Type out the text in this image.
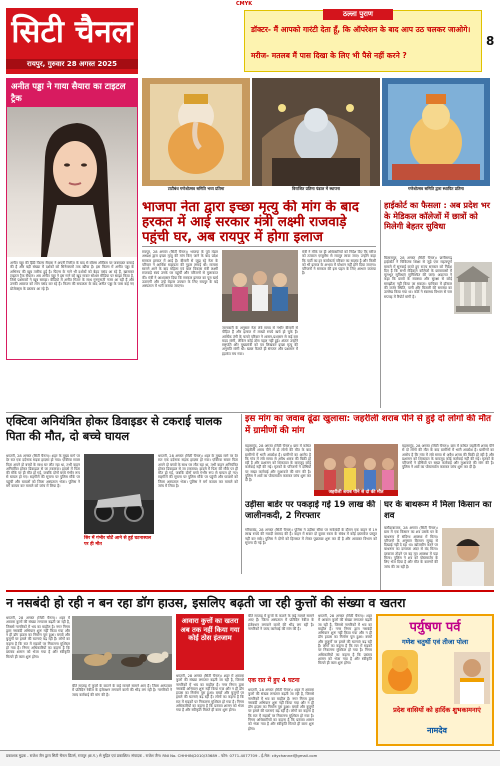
CMYK
सिटी चैनल
रायपुर, गुरुवार 28 अगस्त 2025
ठल्ला पुराण
डॉक्टर- मैं आपको गारंटी देता हूँ, कि ऑपरेशन के बाद आप उठ चलकर जाओगे।
मरीज- मतलब मैं पास दिखा के लिए भी पैसे नहीं करने ?
8
अनीत पड्डा ने गाया सैयारा का टाइटल ट्रैक
अनीत पड्डा की हिंदी फिल्म सैयारा ने अपनी रिलीज के बाद से बॉक्स ऑफिस पर जबरदस्त कमाई की है और बड़ी संख्या में दर्शकों को सिनेमाघरों तक खींचा है। इस फिल्म में अनीत पड्डा के अभिनय की खूब तारीफ हुई है। फिल्म के गाने भी दर्शकों को बेहद पसंद आ रहे हैं, खासकर टाइटल ट्रैक सैयारा। अब अनीत पड्डा ने इस गाने को खुद गाकर सोशल मीडिया पर साझा किया है, जिसे प्रशंसकों ने खूब सराहा। वीडियो में अनीत गिटार के साथ गुनगुनाती नजर आ रही हैं और उनकी आवाज को लोग पसंद कर रहे हैं। फिल्म की सफलता के बाद अनीत पड्डा के पास कई नए प्रोजेक्ट्स के प्रस्ताव आ रहे हैं।
टाटीबंध गणेशोत्सव समिति भव्य प्रतिमा	विराजित प्रतिमा पंडाल में स्थापना	गणेशोत्सव समिति द्वारा स्थापित प्रतिमा
भाजपा नेता द्वारा इच्छा मृत्यु की मांग के बाद हरकत में आई सरकार मंत्री लक्ष्मी राजवाड़े पहुंची घर, अब रायपुर में होगा इलाज
रायपुर, 28 अगस्त (सिटी चैनल)। भाजपा के पूर्व मंडल अध्यक्ष द्वारा इच्छा मृत्यु की मांग किए जाने के बाद प्रदेश सरकार हरकत में आई है। बीमारी से जूझ रहे नेता के परिवार ने आर्थिक सहायता की गुहार लगाई थी। मामला सामने आने के बाद महिला एवं बाल विकास मंत्री लक्ष्मी राजवाड़े स्वयं उनके घर पहुंचीं और परिजनों से मुलाकात की। मंत्री ने आश्वासन दिया कि सरकार इलाज का पूरा खर्च उठाएगी और उन्हें बेहतर उपचार के लिए रायपुर के बड़े अस्पताल में भर्ती कराया जाएगा।
जानकारी के अनुसार नेता लंबे समय से गंभीर बीमारी से पीड़ित हैं और इलाज में लाखों रुपये खर्च हो चुके हैं। आर्थिक तंगी के चलते परिवार ने शासन-प्रशासन से कई बार मदद मांगी, लेकिन कोई ठोस पहल नहीं हुई। अंततः उन्होंने राष्ट्रपति और मुख्यमंत्री को पत्र लिखकर इच्छा मृत्यु की अनुमति मांगी थी। खबर फैलते ही संगठन और प्रशासन में हड़कंप मच गया।
मंत्री ने मौके पर ही अधिकारियों को निर्देश दिए कि मरीज को तत्काल एम्बुलेंस से रायपुर लाया जाए। उन्होंने कहा कि पार्टी का हर कार्यकर्ता परिवार का सदस्य है और किसी को भी इलाज के अभाव में परेशान नहीं होने दिया जाएगा। परिजनों ने सरकार की इस पहल के लिए आभार जताया है।
हाईकोर्ट का फैसला : अब प्रदेश भर के मेडिकल कॉलेजों में छात्रों को मिलेगी बेहतर सुविधा
बिलासपुर, 28 अगस्त (सिटी चैनल)। छत्तीसगढ़ हाईकोर्ट ने चिकित्सा शिक्षा से जुड़े एक महत्वपूर्ण मामले में सुनवाई करते हुए राज्य सरकार को निर्देश दिए हैं कि सभी मेडिकल कॉलेजों के छात्रावासों में मूलभूत सुविधाएं सुनिश्चित की जाएं। अदालत ने कहा कि छात्रों के स्वास्थ्य और सुरक्षा से कोई समझौता नहीं किया जा सकता। याचिका में हॉस्टल की जर्जर स्थिति, पानी और बिजली की समस्या का उल्लेख किया गया था। कोर्ट ने स्वास्थ्य विभाग से चार सप्ताह में रिपोर्ट मांगी है।
एक्टिवा अनियंत्रित होकर डिवाइडर से टकराई चालक पिता की मौत, दो बच्चे घायल
धमतरी, 28 अगस्त (सिटी चैनल)। शहर के मुख्य मार्ग पर देर रात एक दर्दनाक सड़क हादसा हो गया। एक्टिवा सवार पिता अपने दो बच्चों के साथ घर लौट रहा था, तभी वाहन अनियंत्रित होकर डिवाइडर से जा टकराया। हादसे में पिता की मौके पर ही मौत हो गई, जबकि दोनों बच्चे गंभीर रूप से घायल हो गए। राहगीरों की सूचना पर पुलिस मौके पर पहुंची और घायलों को जिला अस्पताल भेजा। पुलिस ने मर्ग कायम कर मामले को जांच में लिया है।
सिर में गंभीर चोटें आने से हुई घटनास्थल पर ही मौत
धमतरी, 28 अगस्त (सिटी चैनल)। शहर के मुख्य मार्ग पर देर रात एक दर्दनाक सड़क हादसा हो गया। एक्टिवा सवार पिता अपने दो बच्चों के साथ घर लौट रहा था, तभी वाहन अनियंत्रित होकर डिवाइडर से जा टकराया। हादसे में पिता की मौके पर ही मौत हो गई, जबकि दोनों बच्चे गंभीर रूप से घायल हो गए। राहगीरों की सूचना पर पुलिस मौके पर पहुंची और घायलों को जिला अस्पताल भेजा। पुलिस ने मर्ग कायम कर मामले को जांच में लिया है।
इस मांग का जवाब ढूंढा खुलासा: जहरीली शराब पीने से हुई दो लोगों की मौत में ग्रामीणों की मांग
महासमुंद, 28 अगस्त (सिटी चैनल)। ग्राम में कथित जहरीली शराब पीने से दो लोगों की मौत के बाद ग्रामीणों में भारी आक्रोश है। ग्रामीणों का आरोप है कि गांव में लंबे समय से अवैध शराब की बिक्री हो रही है और प्रशासन को शिकायत के बावजूद कोई कार्रवाई नहीं की गई। मृतकों के परिजनों ने दोषियों पर सख्त कार्रवाई और मुआवजे की मांग की है। पुलिस ने शवों का पोस्टमार्टम कराकर जांच शुरू कर दी है।
जहरीली शराब पीने से दो की मौत
महासमुंद, 28 अगस्त (सिटी चैनल)। ग्राम में कथित जहरीली शराब पीने से दो लोगों की मौत के बाद ग्रामीणों में भारी आक्रोश है। ग्रामीणों का आरोप है कि गांव में लंबे समय से अवैध शराब की बिक्री हो रही है और प्रशासन को शिकायत के बावजूद कोई कार्रवाई नहीं की गई। मृतकों के परिजनों ने दोषियों पर सख्त कार्रवाई और मुआवजे की मांग की है। पुलिस ने शवों का पोस्टमार्टम कराकर जांच शुरू कर दी है।
उड़ीसा बार्डर पर पकड़ाई गई 19 लाख की जालीनकदी, 2 गिरफ्तार
गरियाबंद, 28 अगस्त (सिटी चैनल)। पुलिस ने उड़ीसा सीमा पर नाकेबंदी के दौरान एक वाहन से 19 लाख रुपये की नकदी बरामद की है। वाहन में सवार दो युवक रकम के संबंध में कोई दस्तावेज प्रस्तुत नहीं कर सके। पुलिस ने दोनों को हिरासत में लेकर पूछताछ शुरू कर दी है और आयकर विभाग को सूचना दी गई है।
घर के बाथरूम में मिला किसान का शव
बलौदाबाजार, 28 अगस्त (सिटी चैनल)। ग्राम में एक किसान का शव उसके घर के बाथरूम में संदिग्ध अवस्था में मिला। परिजनों के अनुसार किसान सुबह से दिखाई नहीं दे रहा था। खोजबीन करने पर बाथरूम का दरवाजा अंदर से बंद मिला। दरवाजा तोड़ने पर वह मृत अवस्था में पड़ा मिला। पुलिस ने शव को पोस्टमार्टम के लिए भेज दिया है और मौत के कारणों की जांच की जा रही है।
न नसबंदी हो रही न बन रहा डॉग हाउस, इसलिए बढ़ती जा रही कुत्तों की संख्या व खतरा
धमतरी, 28 अगस्त (सिटी चैनल)। शहर में आवारा कुत्तों की संख्या लगातार बढ़ती जा रही है, जिससे नागरिकों में भय का माहौल है। नगर निगम द्वारा नसबंदी अभियान शुरू नहीं किया गया और न ही डॉग हाउस का निर्माण पूरा हुआ। बच्चों और बुजुर्गों पर हमले की घटनाएं बढ़ रही हैं। लोगों का कहना है कि रात में सड़कों पर निकलना मुश्किल हो गया है। निगम अधिकारियों का कहना है कि प्रस्ताव शासन को भेजा गया है और स्वीकृति मिलते ही काम शुरू होगा।
बीते सप्ताह में कुत्तों के काटने के कई मामले सामने आए हैं। जिला अस्पताल में प्रतिदिन रेबीज के इंजेक्शन लगवाने वालों की भीड़ लग रही है। नागरिकों ने जल्द कार्रवाई की मांग की है।
आवारा कुत्तों का खतरा अब तक नहीं किया गया कोई ठोस इंतजाम
धमतरी, 28 अगस्त (सिटी चैनल)। शहर में आवारा कुत्तों की संख्या लगातार बढ़ती जा रही है, जिससे नागरिकों में भय का माहौल है। नगर निगम द्वारा नसबंदी अभियान शुरू नहीं किया गया और न ही डॉग हाउस का निर्माण पूरा हुआ। बच्चों और बुजुर्गों पर हमले की घटनाएं बढ़ रही हैं। लोगों का कहना है कि रात में सड़कों पर निकलना मुश्किल हो गया है। निगम अधिकारियों का कहना है कि प्रस्ताव शासन को भेजा गया है और स्वीकृति मिलते ही काम शुरू होगा।
बीते सप्ताह में कुत्तों के काटने के कई मामले सामने आए हैं। जिला अस्पताल में प्रतिदिन रेबीज के इंजेक्शन लगवाने वालों की भीड़ लग रही है। नागरिकों ने जल्द कार्रवाई की मांग की है।
एक रात में हुए 4 घटना
धमतरी, 28 अगस्त (सिटी चैनल)। शहर में आवारा कुत्तों की संख्या लगातार बढ़ती जा रही है, जिससे नागरिकों में भय का माहौल है। नगर निगम द्वारा नसबंदी अभियान शुरू नहीं किया गया और न ही डॉग हाउस का निर्माण पूरा हुआ। बच्चों और बुजुर्गों पर हमले की घटनाएं बढ़ रही हैं। लोगों का कहना है कि रात में सड़कों पर निकलना मुश्किल हो गया है। निगम अधिकारियों का कहना है कि प्रस्ताव शासन को भेजा गया है और स्वीकृति मिलते ही काम शुरू होगा।
धमतरी, 28 अगस्त (सिटी चैनल)। शहर में आवारा कुत्तों की संख्या लगातार बढ़ती जा रही है, जिससे नागरिकों में भय का माहौल है। नगर निगम द्वारा नसबंदी अभियान शुरू नहीं किया गया और न ही डॉग हाउस का निर्माण पूरा हुआ। बच्चों और बुजुर्गों पर हमले की घटनाएं बढ़ रही हैं। लोगों का कहना है कि रात में सड़कों पर निकलना मुश्किल हो गया है। निगम अधिकारियों का कहना है कि प्रस्ताव शासन को भेजा गया है और स्वीकृति मिलते ही काम शुरू होगा।
पर्युषण पर्व
गणेश चतुर्थी एवं तीजा पोला
प्रदेश वासियों को हार्दिक शुभकामनाएं
नामदेव
प्रकाशक मुद्रक - राजेश जैन द्वारा सिटी चैनल प्रिंटर्स, रायपुर (छ.ग.) से मुद्रित एवं प्रकाशित। संपादक - राजेश जैन। RNI No. CHHHIN/2010/33689 - फोन: 0771-4077709 - ई-मेल: citychannel@gmail.com
